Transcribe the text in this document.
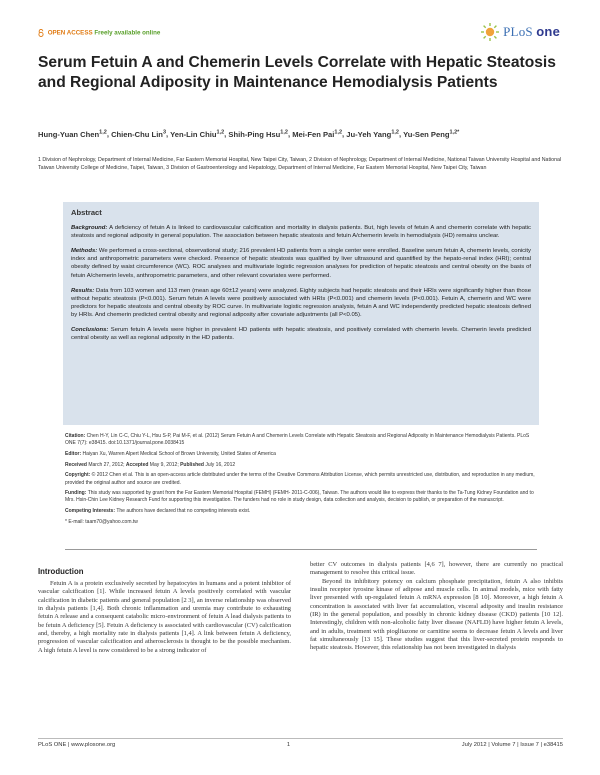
OPEN ACCESS Freely available online	PLoS one
Serum Fetuin A and Chemerin Levels Correlate with Hepatic Steatosis and Regional Adiposity in Maintenance Hemodialysis Patients
Hung-Yuan Chen$^{1,2}$, Chien-Chu Lin$^3$, Yen-Lin Chiu$^{1,2}$, Shih-Ping Hsu$^{1,2}$, Mei-Fen Pai$^{1,2}$, Ju-Yeh Yang$^{1,2}$, Yu-Sen Peng$^{1,2*}$
1 Division of Nephrology, Department of Internal Medicine, Far Eastern Memorial Hospital, New Taipei City, Taiwan, 2 Division of Nephrology, Department of Internal Medicine, National Taiwan University Hospital and National Taiwan University College of Medicine, Taipei, Taiwan, 3 Division of Gastroenterology and Hepatology, Department of Internal Medicine, Far Eastern Memorial Hospital, New Taipei City, Taiwan
Abstract

Background: A deficiency of fetuin A is linked to cardiovascular calcification and mortality in dialysis patients. But, high levels of fetuin A and chemerin correlate with hepatic steatosis and regional adiposity in general population. The association between hepatic steatosis and fetuin A/chemerin levels in hemodialysis (HD) remains unclear.

Methods: We performed a cross-sectional, observational study; 216 prevalent HD patients from a single center were enrolled. Baseline serum fetuin A, chemerin levels, conicity index and anthropometric parameters were checked. Presence of hepatic steatosis was qualified by liver ultrasound and quantified by the hepato-renal index (HRI); central obesity defined by waist circumference (WC). ROC analyses and multivariate logistic regression analyses for prediction of hepatic steatosis and central obesity on the basis of fetuin A/chemerin levels, anthropometric parameters, and other relevant covariates were performed.

Results: Data from 103 women and 113 men (mean age 60±12 years) were analyzed. Eighty subjects had hepatic steatosis and their HRIs were significantly higher than those without hepatic steatosis (P<0.001). Serum fetuin A levels were positively associated with HRIs (P<0.001) and chemerin levels (P<0.001). Fetuin A, chemerin and WC were predictors for hepatic steatosis and central obesity by ROC curve. In multivariate logistic regression analysis, fetuin A and WC independently predicted hepatic steatosis defined by HRIs. And chemerin predicted central obesity and regional adiposity after covariate adjustments (all P<0.05).

Conclusions: Serum fetuin A levels were higher in prevalent HD patients with hepatic steatosis, and positively correlated with chemerin levels. Chemerin levels predicted central obesity as well as regional adiposity in the HD patients.

Citation: Chen H-Y, Lin C-C, Chiu Y-L, Hsu S-P, Pai M-F, et al. (2012) Serum Fetuin A and Chemerin Levels Correlate with Hepatic Steatosis and Regional Adiposity in Maintenance Hemodialysis Patients. PLoS ONE 7(7): e38415. doi:10.1371/journal.pone.0038415

Editor: Haiyan Xu, Warren Alpert Medical School of Brown University, United States of America

Received March 27, 2012; Accepted May 9, 2012; Published July 16, 2012

Copyright: © 2012 Chen et al. This is an open-access article distributed under the terms of the Creative Commons Attribution License, which permits unrestricted use, distribution, and reproduction in any medium, provided the original author and source are credited.

Funding: This study was supported by grant from the Far Eastern Memorial Hospital (FEMH) (FEMH- 2011-C-006), Taiwan. The authors would like to express their thanks to the Ta-Tung Kidney Foundation and to Mrs. Hsin-Chin Lee Kidney Research Fund for supporting this investigation. The funders had no role in study design, data collection and analysis, decision to publish, or preparation of the manuscript.

Competing Interests: The authors have declared that no competing interests exist.

* E-mail: taam70@yahoo.com.tw

Introduction

Fetuin A is a protein exclusively secreted by hepatocytes in humans and a potent inhibitor of vascular calcification [1]. While increased fetuin A levels positively correlated with vascular calcification in diabetic patients and general population [2 3], an inverse relationship was observed in dialysis patients [1,4]. Both chronic inflammation and uremia may contribute to exhausting fetuin A release and a consequent catabolic micro-environment of fetuin A lead dialysis patients to be fetuin A deficiency [5]. Fetuin A deficiency is associated with cardiovascular (CV) calcification and, thereby, a high mortality rate in dialysis patients [1,4]. A link between fetuin A deficiency, progression of vascular calcification and atherosclerosis is thought to be the possible mechanism. A high fetuin A level is now considered to be a strong indicator of

better CV outcomes in dialysis patients [4,6 7], however, there are currently no practical management to resolve this critical issue.

Beyond its inhibitory potency on calcium phosphate precipitation, fetuin A also inhibits insulin receptor tyrosine kinase of adipose and muscle cells. In animal models, mice with fatty liver presented with up-regulated fetuin A mRNA expression [8 10]. Moreover, a high fetuin A concentration is associated with liver fat accumulation, visceral adiposity and insulin resistance (IR) in the general population, and possibly in chronic kidney disease (CKD) patients [10 12]. Interestingly, children with non-alcoholic fatty liver disease (NAFLD) have higher fetuin A levels, and in adults, treatment with pioglitazone or carnitine seems to decrease fetuin A levels and liver fat simultaneously [13 15]. These studies suggest that this liver-secreted protein responds to hepatic steatosis. However, this relationship has not been investigated in dialysis

PLoS ONE | www.plosone.org	1	July 2012 | Volume 7 | Issue 7 | e38415
